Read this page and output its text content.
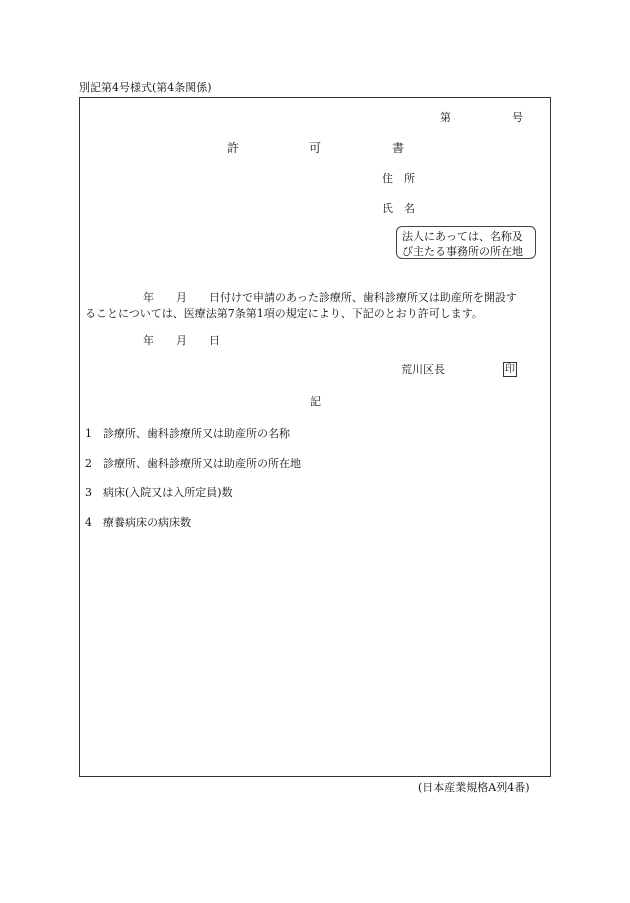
別記第4号様式(第4条関係)
第	号
許	可	書
住　所
氏　名
法人にあっては、名称及
び主たる事務所の所在地
年　　月　　日付けで申請のあった診療所、歯科診療所又は助産所を開設す
ることについては、医療法第7条第1項の規定により、下記のとおり許可します。
年　　月　　日
荒川区長	印
記
1　診療所、歯科診療所又は助産所の名称
2　診療所、歯科診療所又は助産所の所在地
3　病床(入院又は入所定員)数
4　療養病床の病床数
(日本産業規格A列4番)
